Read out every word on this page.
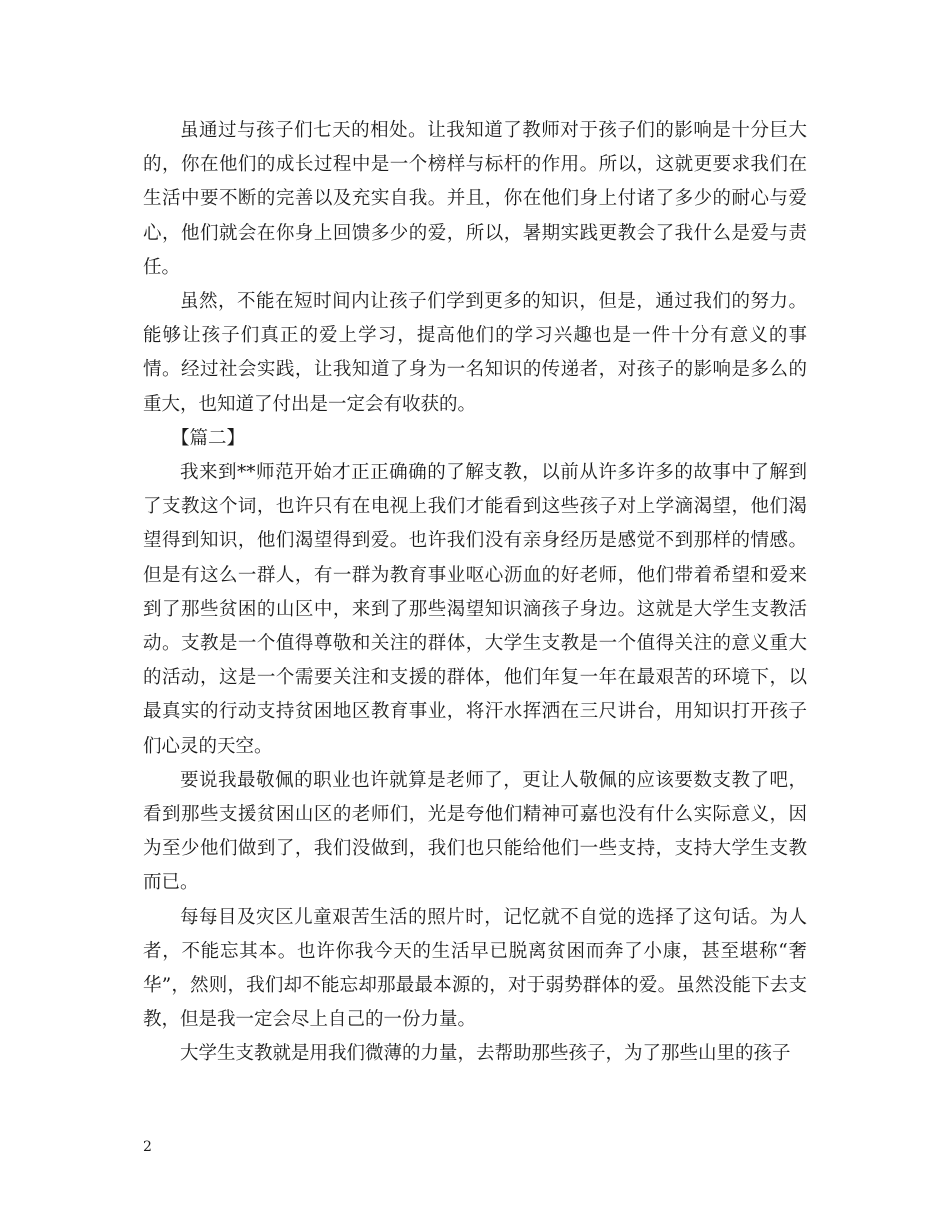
虽通过与孩子们七天的相处。让我知道了教师对于孩子们的影响是十分巨大的，你在他们的成长过程中是一个榜样与标杆的作用。所以，这就更要求我们在生活中要不断的完善以及充实自我。并且，你在他们身上付诸了多少的耐心与爱心，他们就会在你身上回馈多少的爱，所以，暑期实践更教会了我什么是爱与责任。

虽然，不能在短时间内让孩子们学到更多的知识，但是，通过我们的努力。能够让孩子们真正的爱上学习，提高他们的学习兴趣也是一件十分有意义的事情。经过社会实践，让我知道了身为一名知识的传递者，对孩子的影响是多么的重大，也知道了付出是一定会有收获的。

【篇二】

我来到**师范开始才正正确确的了解支教，以前从许多许多的故事中了解到了支教这个词，也许只有在电视上我们才能看到这些孩子对上学滴渴望，他们渴望得到知识，他们渴望得到爱。也许我们没有亲身经历是感觉不到那样的情感。但是有这么一群人，有一群为教育事业呕心沥血的好老师，他们带着希望和爱来到了那些贫困的山区中，来到了那些渴望知识滴孩子身边。这就是大学生支教活动。支教是一个值得尊敬和关注的群体，大学生支教是一个值得关注的意义重大的活动，这是一个需要关注和支援的群体，他们年复一年在最艰苦的环境下，以最真实的行动支持贫困地区教育事业，将汗水挥洒在三尺讲台，用知识打开孩子们心灵的天空。

要说我最敬佩的职业也许就算是老师了，更让人敬佩的应该要数支教了吧，看到那些支援贫困山区的老师们，光是夸他们精神可嘉也没有什么实际意义，因为至少他们做到了，我们没做到，我们也只能给他们一些支持，支持大学生支教而已。

每每目及灾区儿童艰苦生活的照片时，记忆就不自觉的选择了这句话。为人者，不能忘其本。也许你我今天的生活早已脱离贫困而奔了小康，甚至堪称“奢华”，然则，我们却不能忘却那最最本源的，对于弱势群体的爱。虽然没能下去支教，但是我一定会尽上自己的一份力量。

大学生支教就是用我们微薄的力量，去帮助那些孩子，为了那些山里的孩子

2
